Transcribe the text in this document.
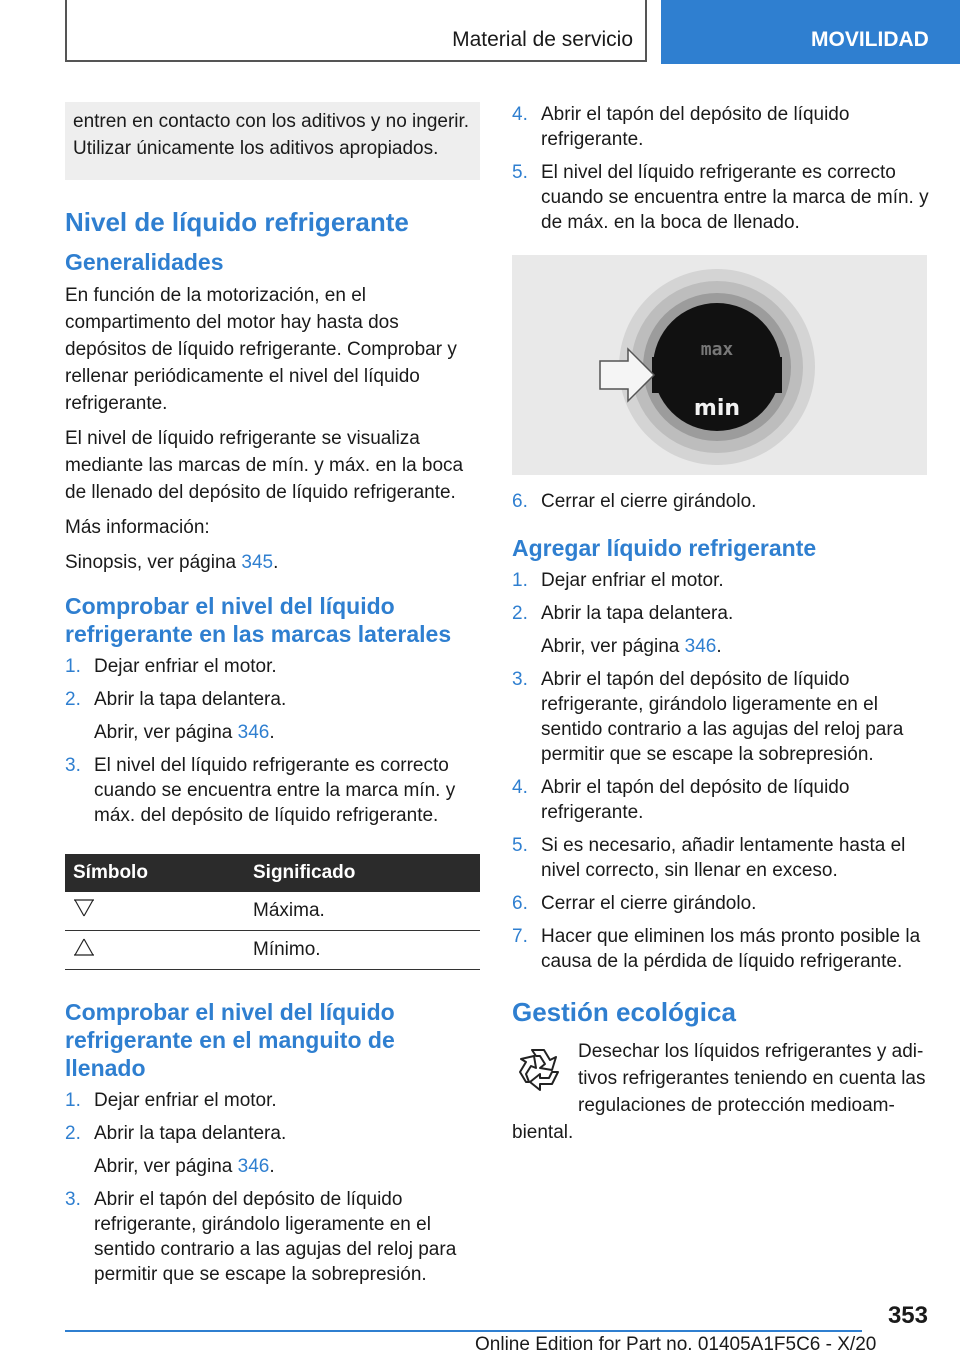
Material de servicio	MOVILIDAD
entren en contacto con los aditivos y no ingerir. Utilizar únicamente los aditivos apropiados.
Nivel de líquido refrigerante
Generalidades

En función de la motorización, en el compartimento del motor hay hasta dos depósitos de líquido refrigerante. Comprobar y rellenar periódicamente el nivel del líquido refrigerante.

El nivel de líquido refrigerante se visualiza mediante las marcas de mín. y máx. en la boca de llenado del depósito de líquido refrigerante.

Más información:

Sinopsis, ver página 345.

Comprobar el nivel del líquido refrigerante en las marcas laterales
1. Dejar enfriar el motor.
2. Abrir la tapa delantera.
Abrir, ver página 346.
3. El nivel del líquido refrigerante es correcto cuando se encuentra entre la marca mín. y máx. del depósito de líquido refrigerante.
Símbolo	Significado
	Máxima.
	Mínimo.
Comprobar el nivel del líquido refrigerante en el manguito de llenado
1. Dejar enfriar el motor.
2. Abrir la tapa delantera.
Abrir, ver página 346.
3. Abrir el tapón del depósito de líquido refrigerante, girándolo ligeramente en el sentido contrario a las agujas del reloj para permitir que se escape la sobrepresión.
4. Abrir el tapón del depósito de líquido refrigerante.
5. El nivel del líquido refrigerante es correcto cuando se encuentra entre la marca de mín. y de máx. en la boca de llenado.
max
min
6. Cerrar el cierre girándolo.
Agregar líquido refrigerante
1. Dejar enfriar el motor.
2. Abrir la tapa delantera.
Abrir, ver página 346.
3. Abrir el tapón del depósito de líquido refrigerante, girándolo ligeramente en el sentido contrario a las agujas del reloj para permitir que se escape la sobrepresión.
4. Abrir el tapón del depósito de líquido refrigerante.
5. Si es necesario, añadir lentamente hasta el nivel correcto, sin llenar en exceso.
6. Cerrar el cierre girándolo.
7. Hacer que eliminen los más pronto posible la causa de la pérdida de líquido refrigerante.
Gestión ecológica

Desechar los líquidos refrigerantes y aditivos refrigerantes teniendo en cuenta las regulaciones de protección medioambiental.

353
Online Edition for Part no. 01405A1F5C6 - X/20
